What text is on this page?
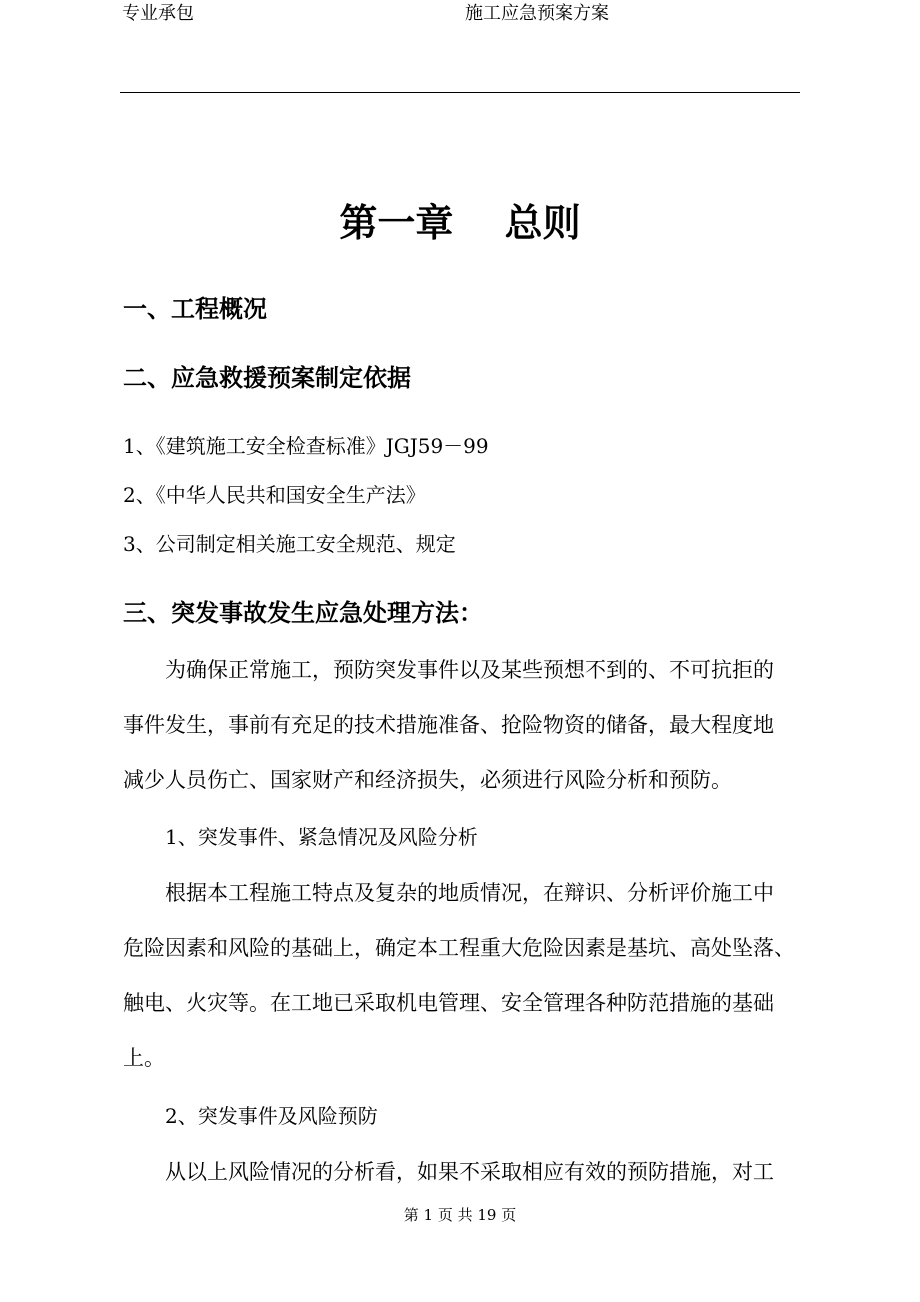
专业承包	施工应急预案方案
第一章　 总则
一、工程概况
二、应急救援预案制定依据
1、《建筑施工安全检查标准》JGJ59－99
2、《中华人民共和国安全生产法》
3、公司制定相关施工安全规范、规定
三、突发事故发生应急处理方法：
为确保正常施工，预防突发事件以及某些预想不到的、不可抗拒的
事件发生，事前有充足的技术措施准备、抢险物资的储备，最大程度地
减少人员伤亡、国家财产和经济损失，必须进行风险分析和预防。
1、突发事件、紧急情况及风险分析
根据本工程施工特点及复杂的地质情况，在辩识、分析评价施工中
危险因素和风险的基础上，确定本工程重大危险因素是基坑、高处坠落、
触电、火灾等。在工地已采取机电管理、安全管理各种防范措施的基础
上。
2、突发事件及风险预防
从以上风险情况的分析看，如果不采取相应有效的预防措施，对工
第 1 页 共 19 页
